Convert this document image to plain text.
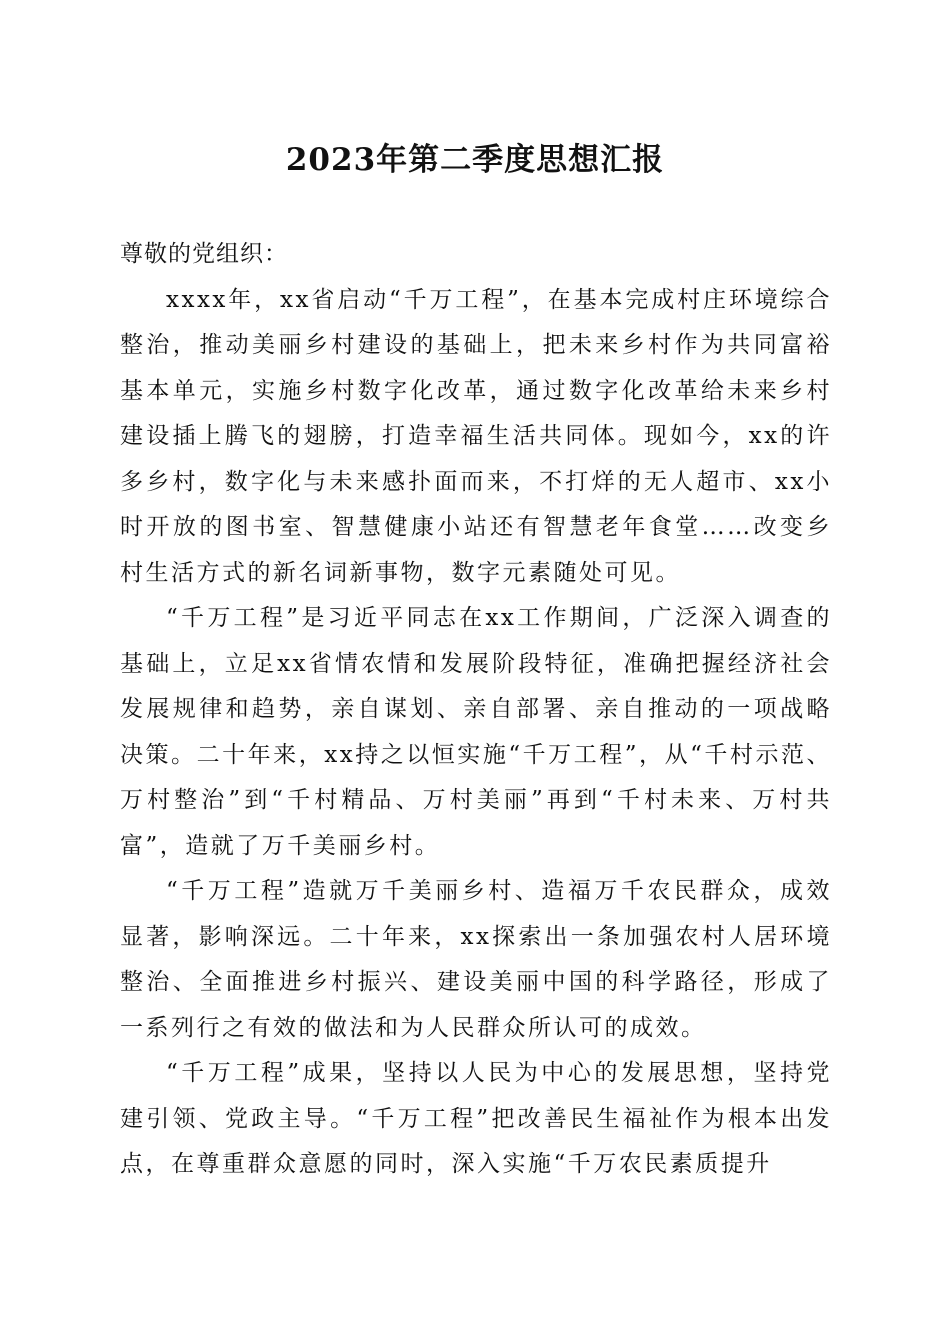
2023年第二季度思想汇报

尊敬的党组织：

xxxx年，xx省启动“千万工程”，在基本完成村庄环境综合整治，推动美丽乡村建设的基础上，把未来乡村作为共同富裕基本单元，实施乡村数字化改革，通过数字化改革给未来乡村建设插上腾飞的翅膀，打造幸福生活共同体。现如今，xx的许多乡村，数字化与未来感扑面而来，不打烊的无人超市、xx小时开放的图书室、智慧健康小站还有智慧老年食堂……改变乡村生活方式的新名词新事物，数字元素随处可见。

“千万工程”是习近平同志在xx工作期间，广泛深入调查的基础上，立足xx省情农情和发展阶段特征，准确把握经济社会发展规律和趋势，亲自谋划、亲自部署、亲自推动的一项战略决策。二十年来，xx持之以恒实施“千万工程”，从“千村示范、万村整治”到“千村精品、万村美丽”再到“千村未来、万村共富”，造就了万千美丽乡村。

“千万工程”造就万千美丽乡村、造福万千农民群众，成效显著，影响深远。二十年来，xx探索出一条加强农村人居环境整治、全面推进乡村振兴、建设美丽中国的科学路径，形成了一系列行之有效的做法和为人民群众所认可的成效。

“千万工程”成果，坚持以人民为中心的发展思想，坚持党建引领、党政主导。“千万工程”把改善民生福祉作为根本出发点，在尊重群众意愿的同时，深入实施“千万农民素质提升
